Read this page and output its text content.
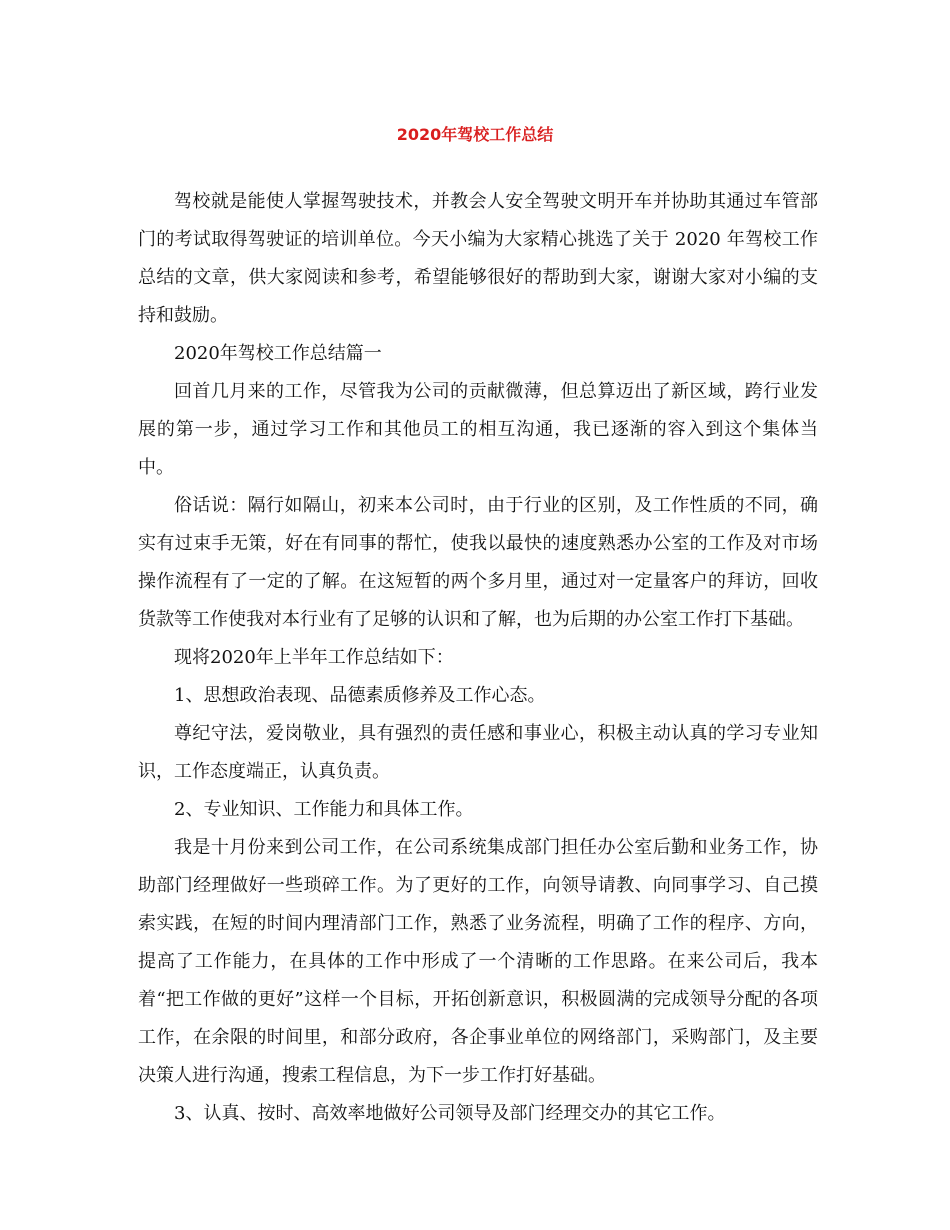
2020年驾校工作总结

驾校就是能使人掌握驾驶技术，并教会人安全驾驶文明开车并协助其通过车管部门的考试取得驾驶证的培训单位。今天小编为大家精心挑选了关于 2020 年驾校工作总结的文章，供大家阅读和参考，希望能够很好的帮助到大家，谢谢大家对小编的支持和鼓励。

2020年驾校工作总结篇一

回首几月来的工作，尽管我为公司的贡献微薄，但总算迈出了新区域，跨行业发展的第一步，通过学习工作和其他员工的相互沟通，我已逐渐的容入到这个集体当中。

俗话说：隔行如隔山，初来本公司时，由于行业的区别，及工作性质的不同，确实有过束手无策，好在有同事的帮忙，使我以最快的速度熟悉办公室的工作及对市场操作流程有了一定的了解。在这短暂的两个多月里，通过对一定量客户的拜访，回收货款等工作使我对本行业有了足够的认识和了解，也为后期的办公室工作打下基础。

现将2020年上半年工作总结如下：

1、思想政治表现、品德素质修养及工作心态。

尊纪守法，爱岗敬业，具有强烈的责任感和事业心，积极主动认真的学习专业知识，工作态度端正，认真负责。

2、专业知识、工作能力和具体工作。

我是十月份来到公司工作，在公司系统集成部门担任办公室后勤和业务工作，协助部门经理做好一些琐碎工作。为了更好的工作，向领导请教、向同事学习、自己摸索实践，在短的时间内理清部门工作，熟悉了业务流程，明确了工作的程序、方向，提高了工作能力，在具体的工作中形成了一个清晰的工作思路。在来公司后，我本着“把工作做的更好”这样一个目标，开拓创新意识，积极圆满的完成领导分配的各项工作，在余限的时间里，和部分政府，各企事业单位的网络部门，采购部门，及主要决策人进行沟通，搜索工程信息，为下一步工作打好基础。

3、认真、按时、高效率地做好公司领导及部门经理交办的其它工作。
